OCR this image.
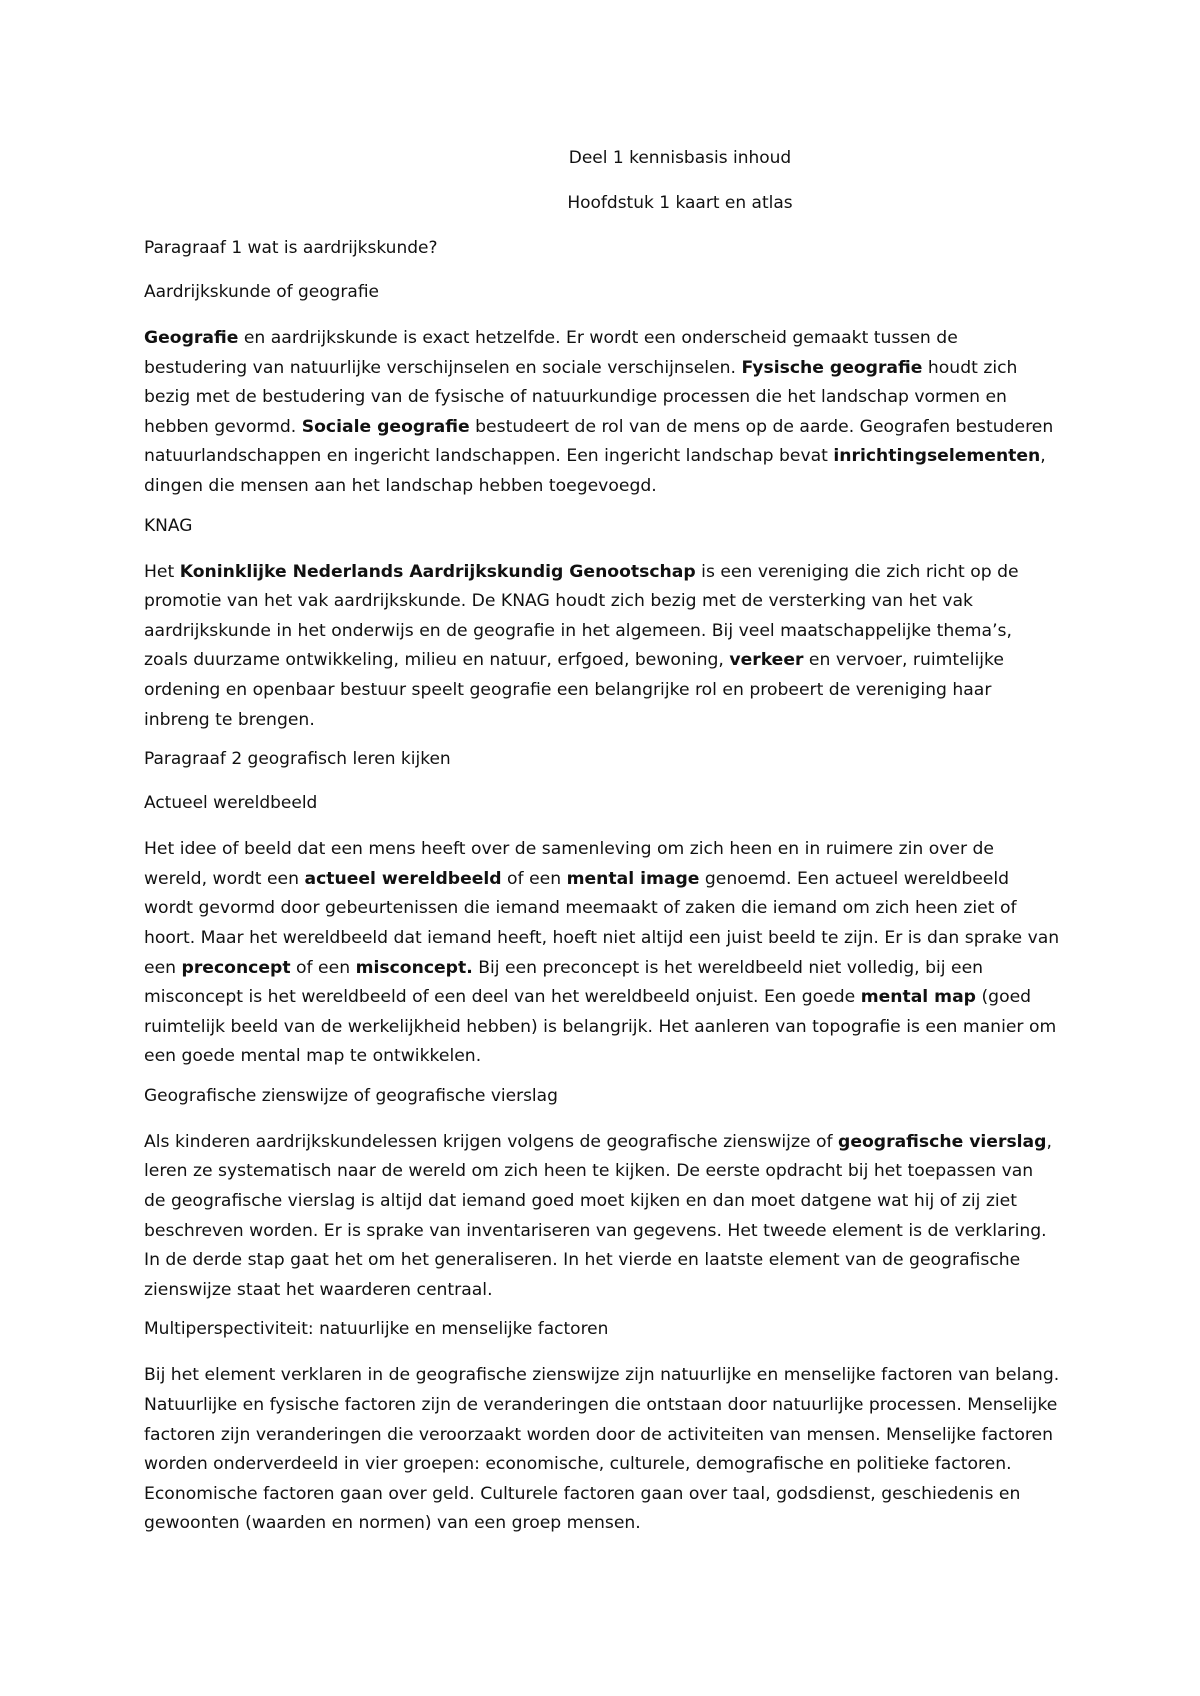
Deel 1 kennisbasis inhoud

Hoofdstuk 1 kaart en atlas

Paragraaf 1 wat is aardrijkskunde?

Aardrijkskunde of geografie

Geografie en aardrijkskunde is exact hetzelfde. Er wordt een onderscheid gemaakt tussen de bestudering van natuurlijke verschijnselen en sociale verschijnselen. Fysische geografie houdt zich bezig met de bestudering van de fysische of natuurkundige processen die het landschap vormen en hebben gevormd. Sociale geografie bestudeert de rol van de mens op de aarde. Geografen bestuderen natuurlandschappen en ingericht landschappen. Een ingericht landschap bevat inrichtingselementen, dingen die mensen aan het landschap hebben toegevoegd.

KNAG

Het Koninklijke Nederlands Aardrijkskundig Genootschap is een vereniging die zich richt op de promotie van het vak aardrijkskunde. De KNAG houdt zich bezig met de versterking van het vak aardrijkskunde in het onderwijs en de geografie in het algemeen. Bij veel maatschappelijke thema’s, zoals duurzame ontwikkeling, milieu en natuur, erfgoed, bewoning, verkeer en vervoer, ruimtelijke ordening en openbaar bestuur speelt geografie een belangrijke rol en probeert de vereniging haar inbreng te brengen.

Paragraaf 2 geografisch leren kijken

Actueel wereldbeeld

Het idee of beeld dat een mens heeft over de samenleving om zich heen en in ruimere zin over de wereld, wordt een actueel wereldbeeld of een mental image genoemd. Een actueel wereldbeeld wordt gevormd door gebeurtenissen die iemand meemaakt of zaken die iemand om zich heen ziet of hoort. Maar het wereldbeeld dat iemand heeft, hoeft niet altijd een juist beeld te zijn. Er is dan sprake van een preconcept of een misconcept. Bij een preconcept is het wereldbeeld niet volledig, bij een misconcept is het wereldbeeld of een deel van het wereldbeeld onjuist. Een goede mental map (goed ruimtelijk beeld van de werkelijkheid hebben) is belangrijk. Het aanleren van topografie is een manier om een goede mental map te ontwikkelen.

Geografische zienswijze of geografische vierslag

Als kinderen aardrijkskundelessen krijgen volgens de geografische zienswijze of geografische vierslag, leren ze systematisch naar de wereld om zich heen te kijken. De eerste opdracht bij het toepassen van de geografische vierslag is altijd dat iemand goed moet kijken en dan moet datgene wat hij of zij ziet beschreven worden. Er is sprake van inventariseren van gegevens. Het tweede element is de verklaring. In de derde stap gaat het om het generaliseren. In het vierde en laatste element van de geografische zienswijze staat het waarderen centraal.

Multiperspectiviteit: natuurlijke en menselijke factoren

Bij het element verklaren in de geografische zienswijze zijn natuurlijke en menselijke factoren van belang. Natuurlijke en fysische factoren zijn de veranderingen die ontstaan door natuurlijke processen. Menselijke factoren zijn veranderingen die veroorzaakt worden door de activiteiten van mensen. Menselijke factoren worden onderverdeeld in vier groepen: economische, culturele, demografische en politieke factoren. Economische factoren gaan over geld. Culturele factoren gaan over taal, godsdienst, geschiedenis en gewoonten (waarden en normen) van een groep mensen.
